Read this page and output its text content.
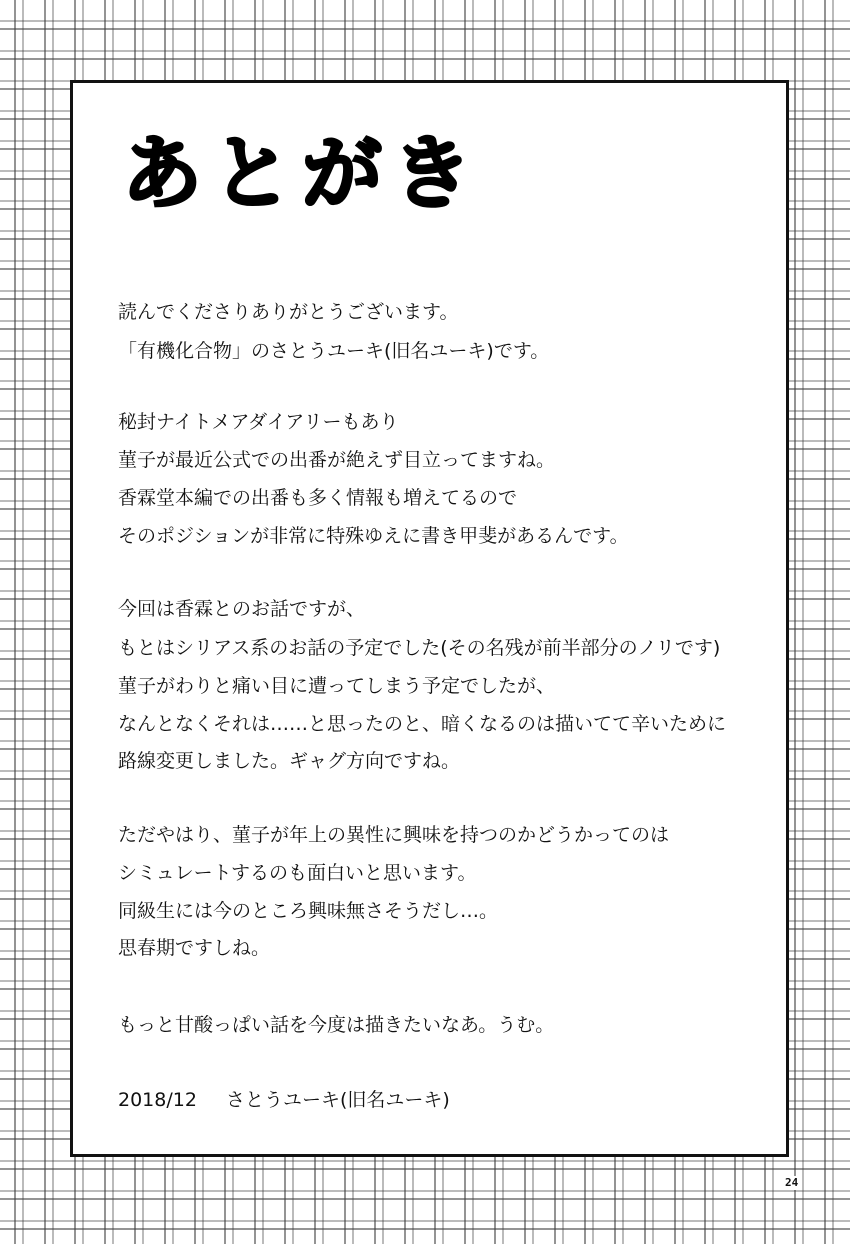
あとがき

読んでくださりありがとうございます。

「有機化合物」のさとうユーキ(旧名ユーキ)です。

秘封ナイトメアダイアリーもあり

菫子が最近公式での出番が絶えず目立ってますね。

香霖堂本編での出番も多く情報も増えてるので

そのポジションが非常に特殊ゆえに書き甲斐があるんです。

今回は香霖とのお話ですが、

もとはシリアス系のお話の予定でした(その名残が前半部分のノリです)

菫子がわりと痛い目に遭ってしまう予定でしたが、

なんとなくそれは……と思ったのと、暗くなるのは描いてて辛いために

路線変更しました。ギャグ方向ですね。

ただやはり、菫子が年上の異性に興味を持つのかどうかってのは

シミュレートするのも面白いと思います。

同級生には今のところ興味無さそうだし…。

思春期ですしね。

もっと甘酸っぱい話を今度は描きたいなあ。うむ。

2018/12 さとうユーキ(旧名ユーキ)
24
